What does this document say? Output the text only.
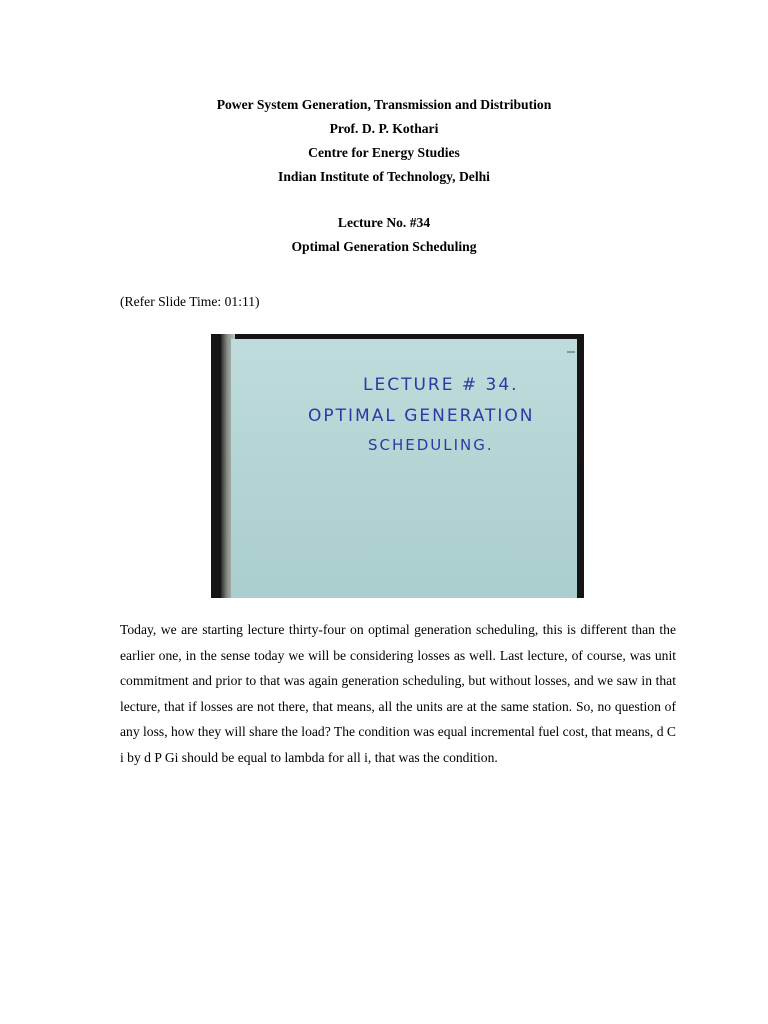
Power System Generation, Transmission and Distribution
Prof. D. P. Kothari
Centre for Energy Studies
Indian Institute of Technology, Delhi
Lecture No. #34
Optimal Generation Scheduling
(Refer Slide Time: 01:11)
LECTURE # 34.
OPTIMAL GENERATION
SCHEDULING.
Today, we are starting lecture thirty-four on optimal generation scheduling, this is different than the earlier one, in the sense today we will be considering losses as well. Last lecture, of course, was unit commitment and prior to that was again generation scheduling, but without losses, and we saw in that lecture, that if losses are not there, that means, all the units are at the same station. So, no question of any loss, how they will share the load? The condition was equal incremental fuel cost, that means, d C i by d P Gi should be equal to lambda for all i, that was the condition.
